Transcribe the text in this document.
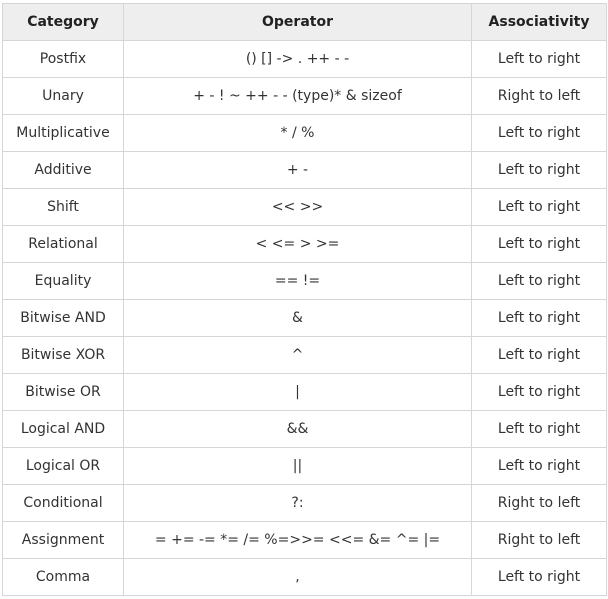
Category	Operator	Associativity
Postfix	() [] -> . ++ - -	Left to right
Unary	+ - ! ~ ++ - - (type)* & sizeof	Right to left
Multiplicative	* / %	Left to right
Additive	+ -	Left to right
Shift	<< >>	Left to right
Relational	< <= > >=	Left to right
Equality	== !=	Left to right
Bitwise AND	&	Left to right
Bitwise XOR	^	Left to right
Bitwise OR	|	Left to right
Logical AND	&&	Left to right
Logical OR	||	Left to right
Conditional	?:	Right to left
Assignment	= += -= *= /= %=>>= <<= &= ^= |=	Right to left
Comma	,	Left to right
